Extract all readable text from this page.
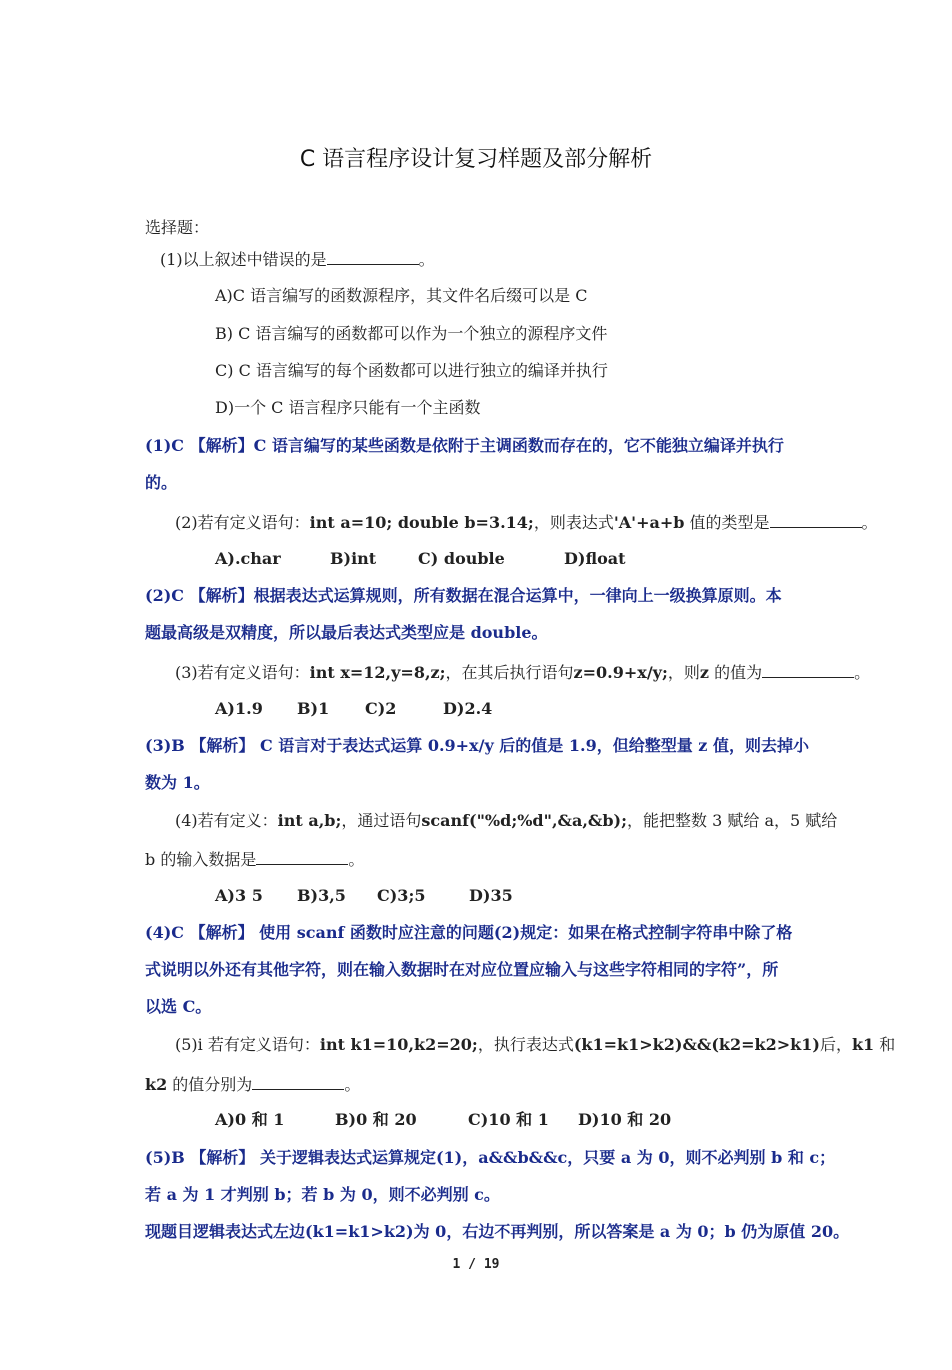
C 语言程序设计复习样题及部分解析
选择题：
(1)以上叙述中错误的是	。
A)C 语言编写的函数源程序，其文件名后缀可以是 C
B) C 语言编写的函数都可以作为一个独立的源程序文件
C) C 语言编写的每个函数都可以进行独立的编译并执行
D)一个 C 语言程序只能有一个主函数
(1)C 【解析】C 语言编写的某些函数是依附于主调函数而存在的，它不能独立编译并执行
的。
(2)若有定义语句：int a=10; double b=3.14;，则表达式'A'+a+b 值的类型是	。
A).char	B)int	C) double	D)float
(2)C 【解析】根据表达式运算规则，所有数据在混合运算中，一律向上一级换算原则。本
题最高级是双精度，所以最后表达式类型应是 double。
(3)若有定义语句：int x=12,y=8,z;，在其后执行语句z=0.9+x/y;，则z 的值为	。
A)1.9 B)1 C)2	D)2.4
(3)B 【解析】 C 语言对于表达式运算 0.9+x/y 后的值是 1.9，但给整型量 z 值，则去掉小
数为 1。
(4)若有定义：int a,b;，通过语句scanf("%d;%d",&a,&b);，能把整数 3 赋给 a，5 赋给
b 的输入数据是	。
A)3 5 B)3,5 C)3;5	D)35
(4)C 【解析】 使用 scanf 函数时应注意的问题(2)规定：如果在格式控制字符串中除了格
式说明以外还有其他字符，则在输入数据时在对应位置应输入与这些字符相同的字符”，所
以选 C。
(5)i 若有定义语句：int k1=10,k2=20;，执行表达式(k1=k1>k2)&&(k2=k2>k1)后，k1 和
k2 的值分别为	。
A)0 和 1	B)0 和 20	C)10 和 1 D)10 和 20
(5)B 【解析】 关于逻辑表达式运算规定(1)，a&&b&&c，只要 a 为 0，则不必判别 b 和 c；
若 a 为 1 才判别 b；若 b 为 0，则不必判别 c。
现题目逻辑表达式左边(k1=k1>k2)为 0，右边不再判别，所以答案是 a 为 0；b 仍为原值 20。
1 / 19
